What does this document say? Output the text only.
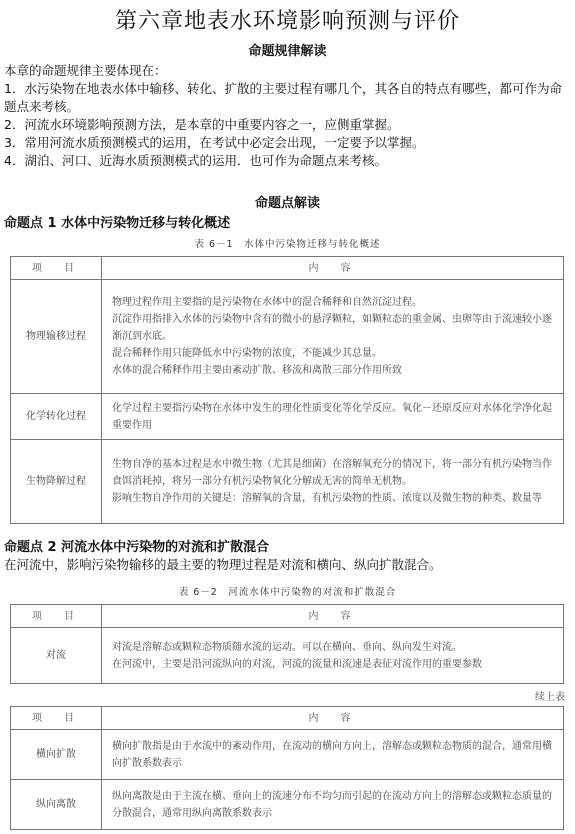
第六章地表水环境影响预测与评价
命题规律解读
本章的命题规律主要体现在：
1．水污染物在地表水体中输移、转化、扩散的主要过程有哪几个，其各自的特点有哪些，都可作为命题点来考核。
2．河流水环境影响预测方法，是本章的中重要内容之一，应侧重掌握。
3．常用河流水质预测模式的运用，在考试中必定会出现，一定要予以掌握。
4．湖泊、河口、近海水质预测模式的运用．也可作为命题点来考核。
命题点解读
命题点 1 水体中污染物迁移与转化概述
表 6－1　水体中污染物迁移与转化概述
项　目	内　容
物理输移过程	物理过程作用主要指的是污染物在水体中的混合稀释和自然沉淀过程。

沉淀作用指排入水体的污染物中含有的微小的悬浮颗粒，如颗粒态的重金属、虫卵等由于流速较小逐渐沉到水底。

混合稀释作用只能降低水中污染物的浓度，不能减少其总量。

水体的混合稀释作用主要由紊动扩散、移流和离散三部分作用所致

化学转化过程	化学过程主要指污染物在水体中发生的理化性质变化等化学反应。氧化－还原反应对水体化学净化起重要作用

生物降解过程	生物自净的基本过程是水中微生物（尤其是细菌）在溶解氧充分的情况下，将一部分有机污染物当作食饵消耗掉，将另一部分有机污染物氧化分解成无害的简单无机物。

影响生物自净作用的关键是：溶解氧的含量，有机污染物的性质、浓度以及微生物的种类、数量等

命题点 2 河流水体中污染物的对流和扩散混合
在河流中，影响污染物输移的最主要的物理过程是对流和横向、纵向扩散混合。
表 6－2　河流水体中污染物的对流和扩散混合
项　目	内　容
对流	对流是溶解态或颗粒态物质随水流的运动。可以在横向、垂向、纵向发生对流。

在河流中，主要是沿河流纵向的对流，河流的流量和流速是表征对流作用的重要参数

续上表
项　目	内　容
横向扩散	横向扩散指是由于水流中的紊动作用，在流动的横向方向上，溶解态或颗粒态物质的混合，通常用横向扩散系数表示

纵向离散	纵向离散是由于主流在横、垂向上的流速分布不均匀而引起的在流动方向上的溶解态或颗粒态质量的分散混合，通常用纵向离散系数表示
